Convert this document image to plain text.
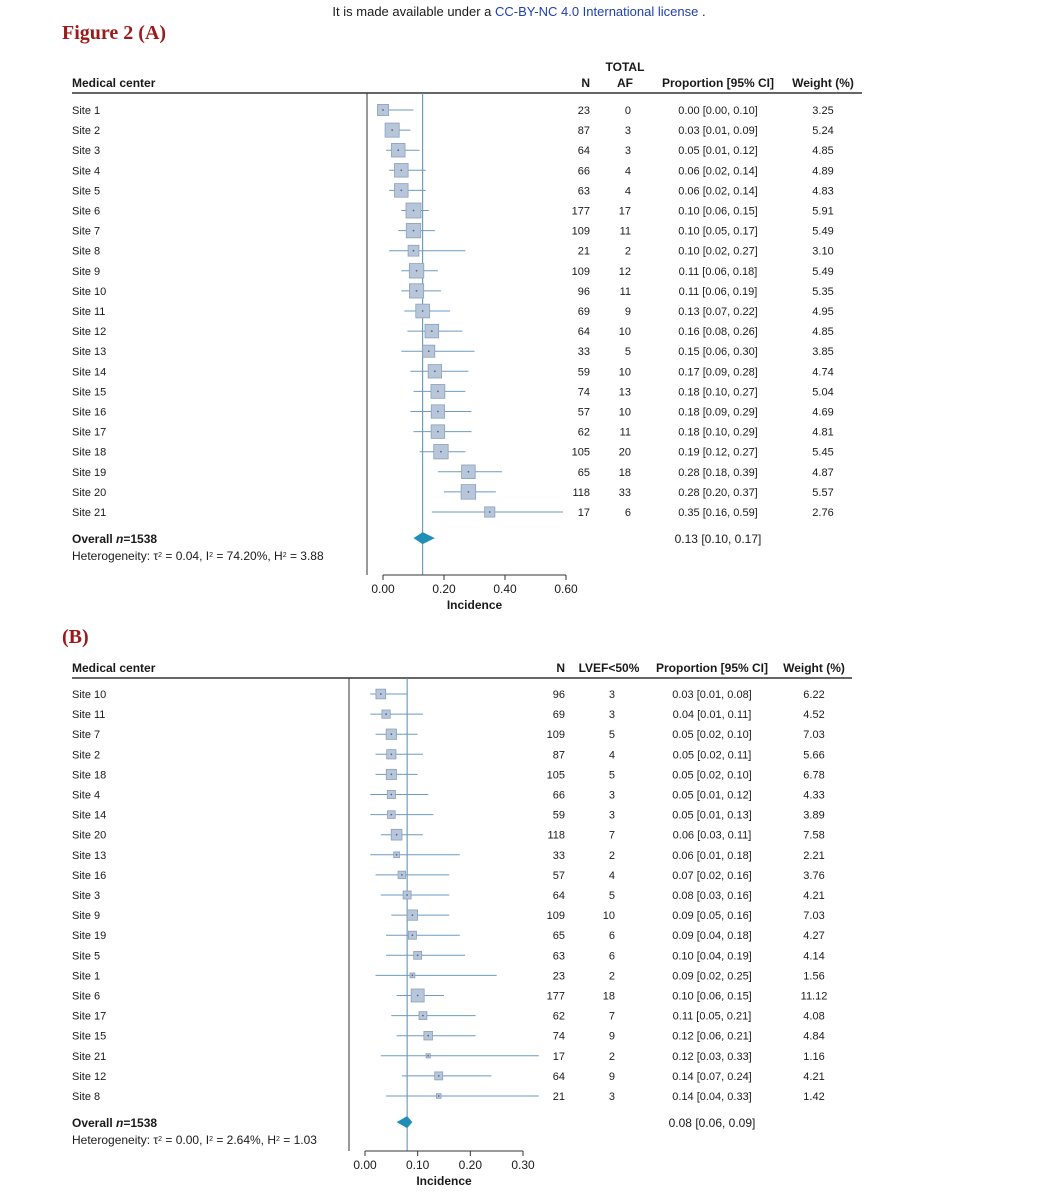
It is made available under a CC-BY-NC 4.0 International license .
Figure 2 (A)
(B)
TOTAL
Medical center	N AF Proportion [95% CI] Weight (%)
Site 1	23	0	0.00 [0.00, 0.10]	3.25
Site 2	87	3	0.03 [0.01, 0.09]	5.24
Site 3	64	3	0.05 [0.01, 0.12]	4.85
Site 4	66	4	0.06 [0.02, 0.14]	4.89
Site 5	63	4	0.06 [0.02, 0.14]	4.83
Site 6	177	17	0.10 [0.06, 0.15]	5.91
Site 7	109	11	0.10 [0.05, 0.17]	5.49
Site 8	21	2	0.10 [0.02, 0.27]	3.10
Site 9	109	12	0.11 [0.06, 0.18]	5.49
Site 10	96	11	0.11 [0.06, 0.19]	5.35
Site 11	69	9	0.13 [0.07, 0.22]	4.95
Site 12	64	10	0.16 [0.08, 0.26]	4.85
Site 13	33	5	0.15 [0.06, 0.30]	3.85
Site 14	59	10	0.17 [0.09, 0.28]	4.74
Site 15	74	13	0.18 [0.10, 0.27]	5.04
Site 16	57	10	0.18 [0.09, 0.29]	4.69
Site 17	62	11	0.18 [0.10, 0.29]	4.81
Site 18	105	20	0.19 [0.12, 0.27]	5.45
Site 19	65	18	0.28 [0.18, 0.39]	4.87
Site 20	118	33	0.28 [0.20, 0.37]	5.57
Site 21	17	6	0.35 [0.16, 0.59]	2.76
Overall n=1538	0.13 [0.10, 0.17]
Heterogeneity: $\tau^2 = 0.04$, $I^2 = 74.20\%$, $H^2 = 3.88$
0.00	0.20	0.40	0.60
Incidence
Medical center	N LVEF<50% Proportion [95% CI] Weight (%)
Site 10	96	3	0.03 [0.01, 0.08]	6.22
Site 11	69	3	0.04 [0.01, 0.11]	4.52
Site 7	109	5	0.05 [0.02, 0.10]	7.03
Site 2	87	4	0.05 [0.02, 0.11]	5.66
Site 18	105	5	0.05 [0.02, 0.10]	6.78
Site 4	66	3	0.05 [0.01, 0.12]	4.33
Site 14	59	3	0.05 [0.01, 0.13]	3.89
Site 20	118	7	0.06 [0.03, 0.11]	7.58
Site 13	33	2	0.06 [0.01, 0.18]	2.21
Site 16	57	4	0.07 [0.02, 0.16]	3.76
Site 3	64	5	0.08 [0.03, 0.16]	4.21
Site 9	109	10	0.09 [0.05, 0.16]	7.03
Site 19	65	6	0.09 [0.04, 0.18]	4.27
Site 5	63	6	0.10 [0.04, 0.19]	4.14
Site 1	23	2	0.09 [0.02, 0.25]	1.56
Site 6	177	18	0.10 [0.06, 0.15]	11.12
Site 17	62	7	0.11 [0.05, 0.21]	4.08
Site 15	74	9	0.12 [0.06, 0.21]	4.84
Site 21	17	2	0.12 [0.03, 0.33]	1.16
Site 12	64	9	0.14 [0.07, 0.24]	4.21
Site 8	21	3	0.14 [0.04, 0.33]	1.42
Overall n=1538	0.08 [0.06, 0.09]
Heterogeneity: $\tau^2 = 0.00$, $I^2 = 2.64\%$, $H^2 = 1.03$
0.00 0.10 0.20 0.30
Incidence
